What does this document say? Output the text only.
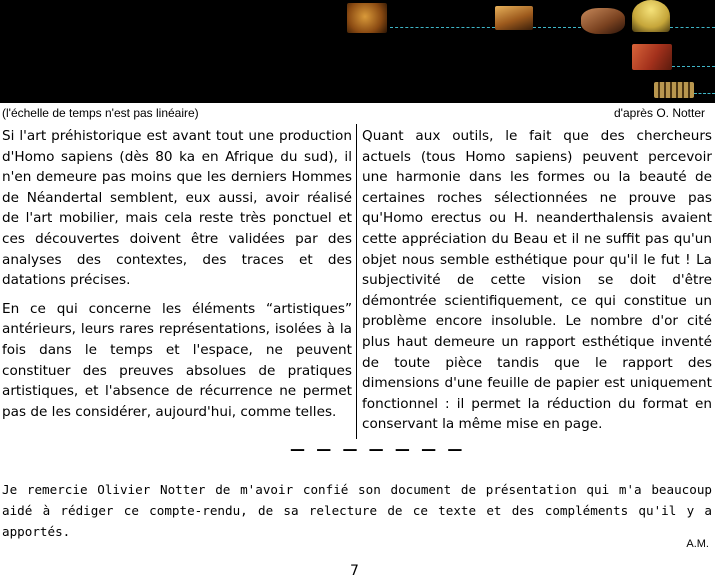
(l'échelle de temps n'est pas linéaire)	d'après O. Notter

Si l'art préhistorique est avant tout une production d'Homo sapiens (dès 80 ka en Afrique du sud), il n'en demeure pas moins que les derniers Hommes de Néandertal semblent, eux aussi, avoir réalisé de l'art mobilier, mais cela reste très ponctuel et ces découvertes doivent être validées par des analyses des contextes, des traces et des datations précises.

En ce qui concerne les éléments “artistiques” antérieurs, leurs rares représentations, isolées à la fois dans le temps et l'espace, ne peuvent constituer des preuves absolues de pratiques artistiques, et l'absence de récurrence ne permet pas de les considérer, aujourd'hui, comme telles.

Quant aux outils, le fait que des chercheurs actuels (tous Homo sapiens) peuvent percevoir une harmonie dans les formes ou la beauté de certaines roches sélectionnées ne prouve pas qu'Homo erectus ou H. neanderthalensis avaient cette appréciation du Beau et il ne suffit pas qu'un objet nous semble esthétique pour qu'il le fut ! La subjectivité de cette vision se doit d'être démontrée scientifiquement, ce qui constitue un problème encore insoluble. Le nombre d'or cité plus haut demeure un rapport esthétique inventé de toute pièce tandis que le rapport des dimensions d'une feuille de papier est uniquement fonctionnel : il permet la réduction du format en conservant la même mise en page.

— — — — — — —
Je remercie Olivier Notter de m'avoir confié son document de présentation qui m'a beaucoup aidé à rédiger ce compte-rendu, de sa relecture de ce texte et des compléments qu'il y a apportés.
A.M.
7
